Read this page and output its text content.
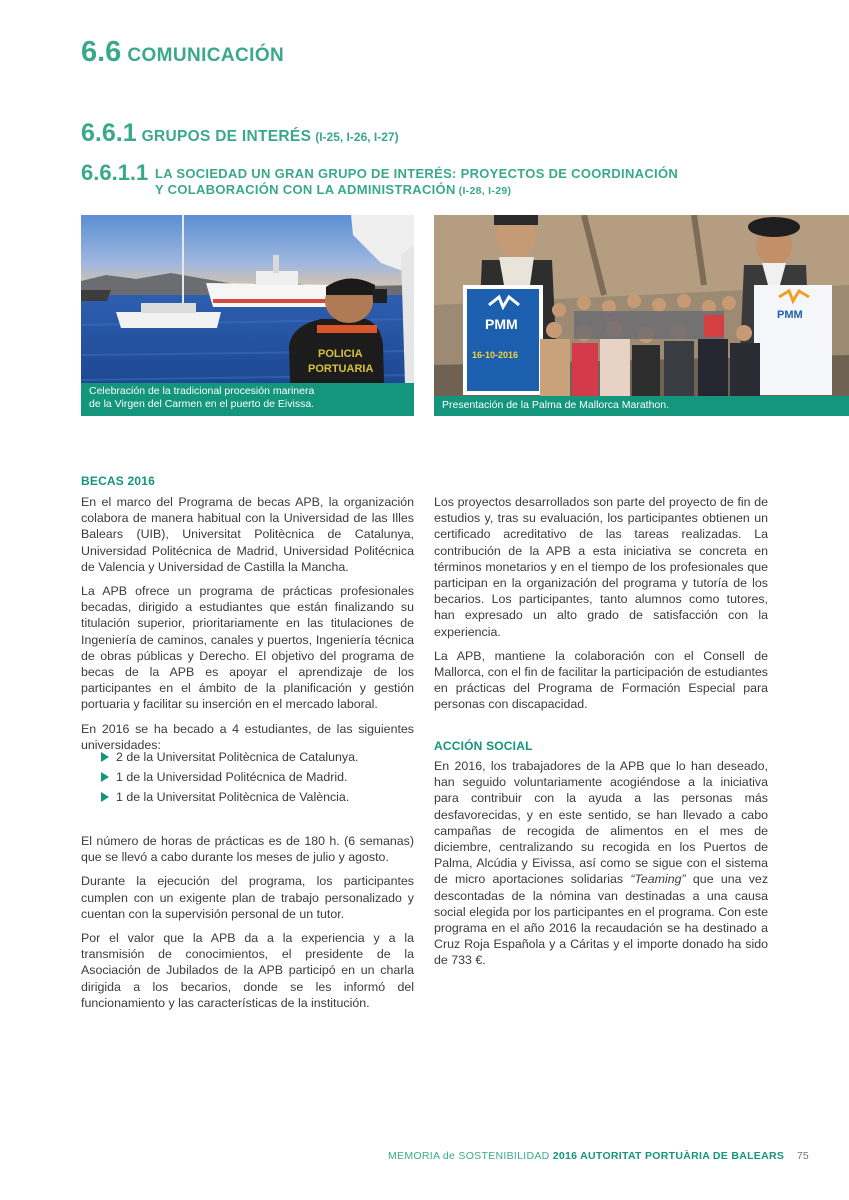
6.6 COMUNICACIÓN
6.6.1 GRUPOS DE INTERÉS (I-25, I-26, I-27)
6.6.1.1 LA SOCIEDAD UN GRAN GRUPO DE INTERÉS: PROYECTOS DE COORDINACIÓN
Y COLABORACIÓN CON LA ADMINISTRACIÓN (I-28, I-29)
POLICIA
PORTUARIA
Celebración de la tradicional procesión marinera
de la Virgen del Carmen en el puerto de Eivissa.
PMM
16-10-2016
PMM
Presentación de la Palma de Mallorca Marathon.
BECAS 2016

En el marco del Programa de becas APB, la organización colabora de manera habitual con la Universidad de las Illes Balears (UIB), Universitat Politècnica de Catalunya, Universidad Politécnica de Madrid, Universidad Politécnica de Valencia y Universidad de Castilla la Mancha.

La APB ofrece un programa de prácticas profesionales becadas, dirigido a estudiantes que están finalizando su titulación superior, prioritariamente en las titulaciones de Ingeniería de caminos, canales y puertos, Ingeniería técnica de obras públicas y Derecho. El objetivo del programa de becas de la APB es apoyar el aprendizaje de los participantes en el ámbito de la planificación y gestión portuaria y facilitar su inserción en el mercado laboral.

En 2016 se ha becado a 4 estudiantes, de las siguientes universidades:

2 de la Universitat Politècnica de Catalunya.
1 de la Universidad Politécnica de Madrid.
1 de la Universitat Politècnica de València.

El número de horas de prácticas es de 180 h. (6 semanas) que se llevó a cabo durante los meses de julio y agosto.

Durante la ejecución del programa, los participantes cumplen con un exigente plan de trabajo personalizado y cuentan con la supervisión personal de un tutor.

Por el valor que la APB da a la experiencia y a la transmisión de conocimientos, el presidente de la Asociación de Jubilados de la APB participó en un charla dirigida a los becarios, donde se les informó del funcionamiento y las características de la institución.

Los proyectos desarrollados son parte del proyecto de fin de estudios y, tras su evaluación, los participantes obtienen un certificado acreditativo de las tareas realizadas. La contribución de la APB a esta iniciativa se concreta en términos monetarios y en el tiempo de los profesionales que participan en la organización del programa y tutoría de los becarios. Los participantes, tanto alumnos como tutores, han expresado un alto grado de satisfacción con la experiencia.

La APB, mantiene la colaboración con el Consell de Mallorca, con el fin de facilitar la participación de estudiantes en prácticas del Programa de Formación Especial para personas con discapacidad.

ACCIÓN SOCIAL

En 2016, los trabajadores de la APB que lo han deseado, han seguido voluntariamente acogiéndose a la iniciativa para contribuir con la ayuda a las personas más desfavorecidas, y en este sentido, se han llevado a cabo campañas de recogida de alimentos en el mes de diciembre, centralizando su recogida en los Puertos de Palma, Alcúdia y Eivissa, así como se sigue con el sistema de micro aportaciones solidarias “Teaming” que una vez descontadas de la nómina van destinadas a una causa social elegida por los participantes en el programa. Con este programa en el año 2016 la recaudación se ha destinado a Cruz Roja Española y a Cáritas y el importe donado ha sido de 733 €.

MEMORIA de SOSTENIBILIDAD 2016 AUTORITAT PORTUÀRIA DE BALEARS 75
